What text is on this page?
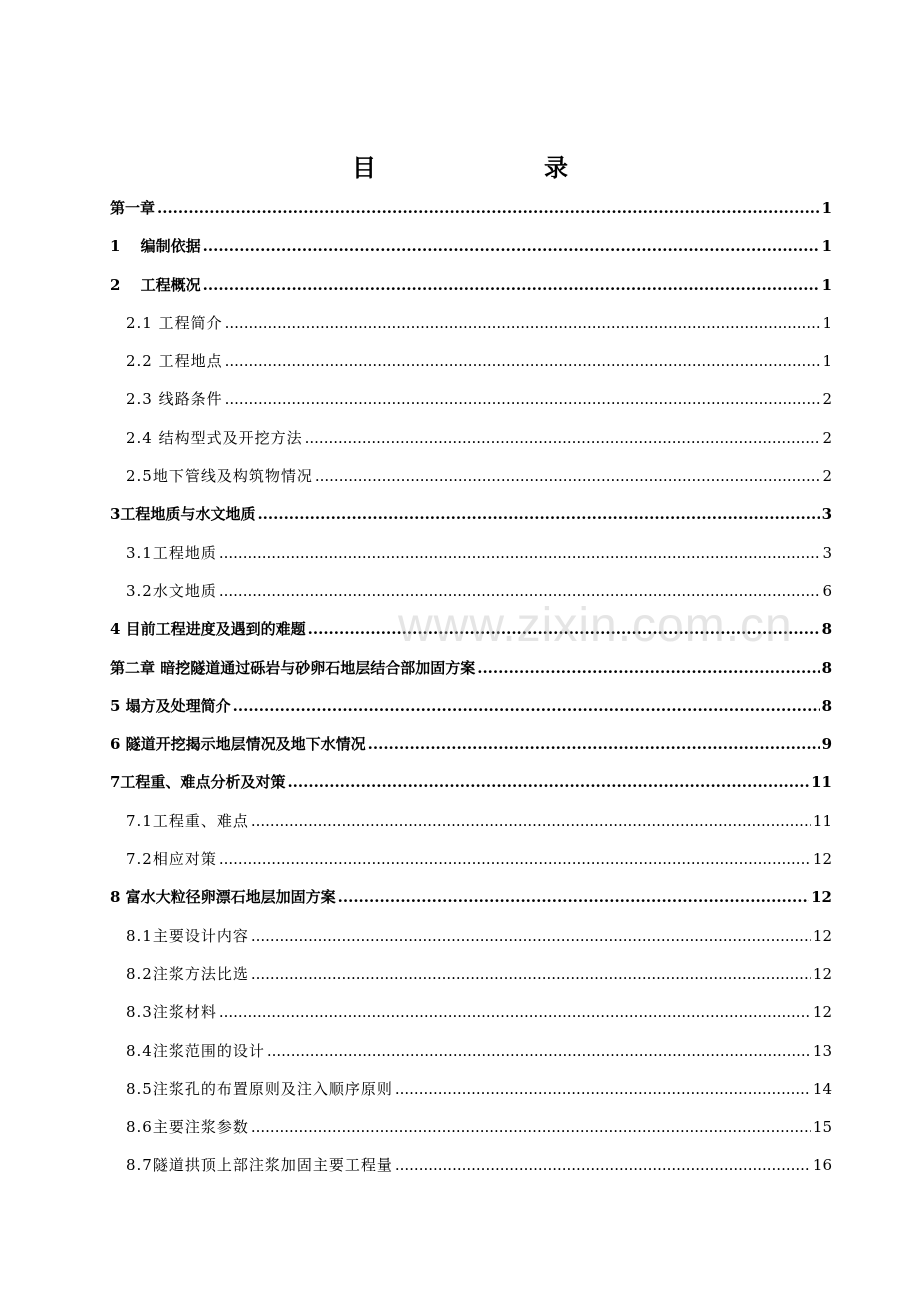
目　　录
第一章 .....	1
1　 编制依据 .....	1
2　 工程概况 .....	1
2.1 工程简介 .....	1
2.2 工程地点 .....	1
2.3 线路条件 .....	2
2.4 结构型式及开挖方法 .....	2
2.5地下管线及构筑物情况 .....	2
3工程地质与水文地质 .....	3
3.1工程地质 .....	3
3.2水文地质 .....	6
4 目前工程进度及遇到的难题 .....	8
第二章 暗挖隧道通过砾岩与砂卵石地层结合部加固方案 .....	8
5 塌方及处理简介 .....	8
6 隧道开挖揭示地层情况及地下水情况 .....	9
7工程重、难点分析及对策 .....	11
7.1工程重、难点 .....	11
7.2相应对策 .....	12
8 富水大粒径卵漂石地层加固方案 .....	12
8.1主要设计内容 .....	12
8.2注浆方法比选 .....	12
8.3注浆材料 .....	12
8.4注浆范围的设计 .....	13
8.5注浆孔的布置原则及注入顺序原则 .....	14
8.6主要注浆参数 .....	15
8.7隧道拱顶上部注浆加固主要工程量 .....	16
www.zixin.com.cn
